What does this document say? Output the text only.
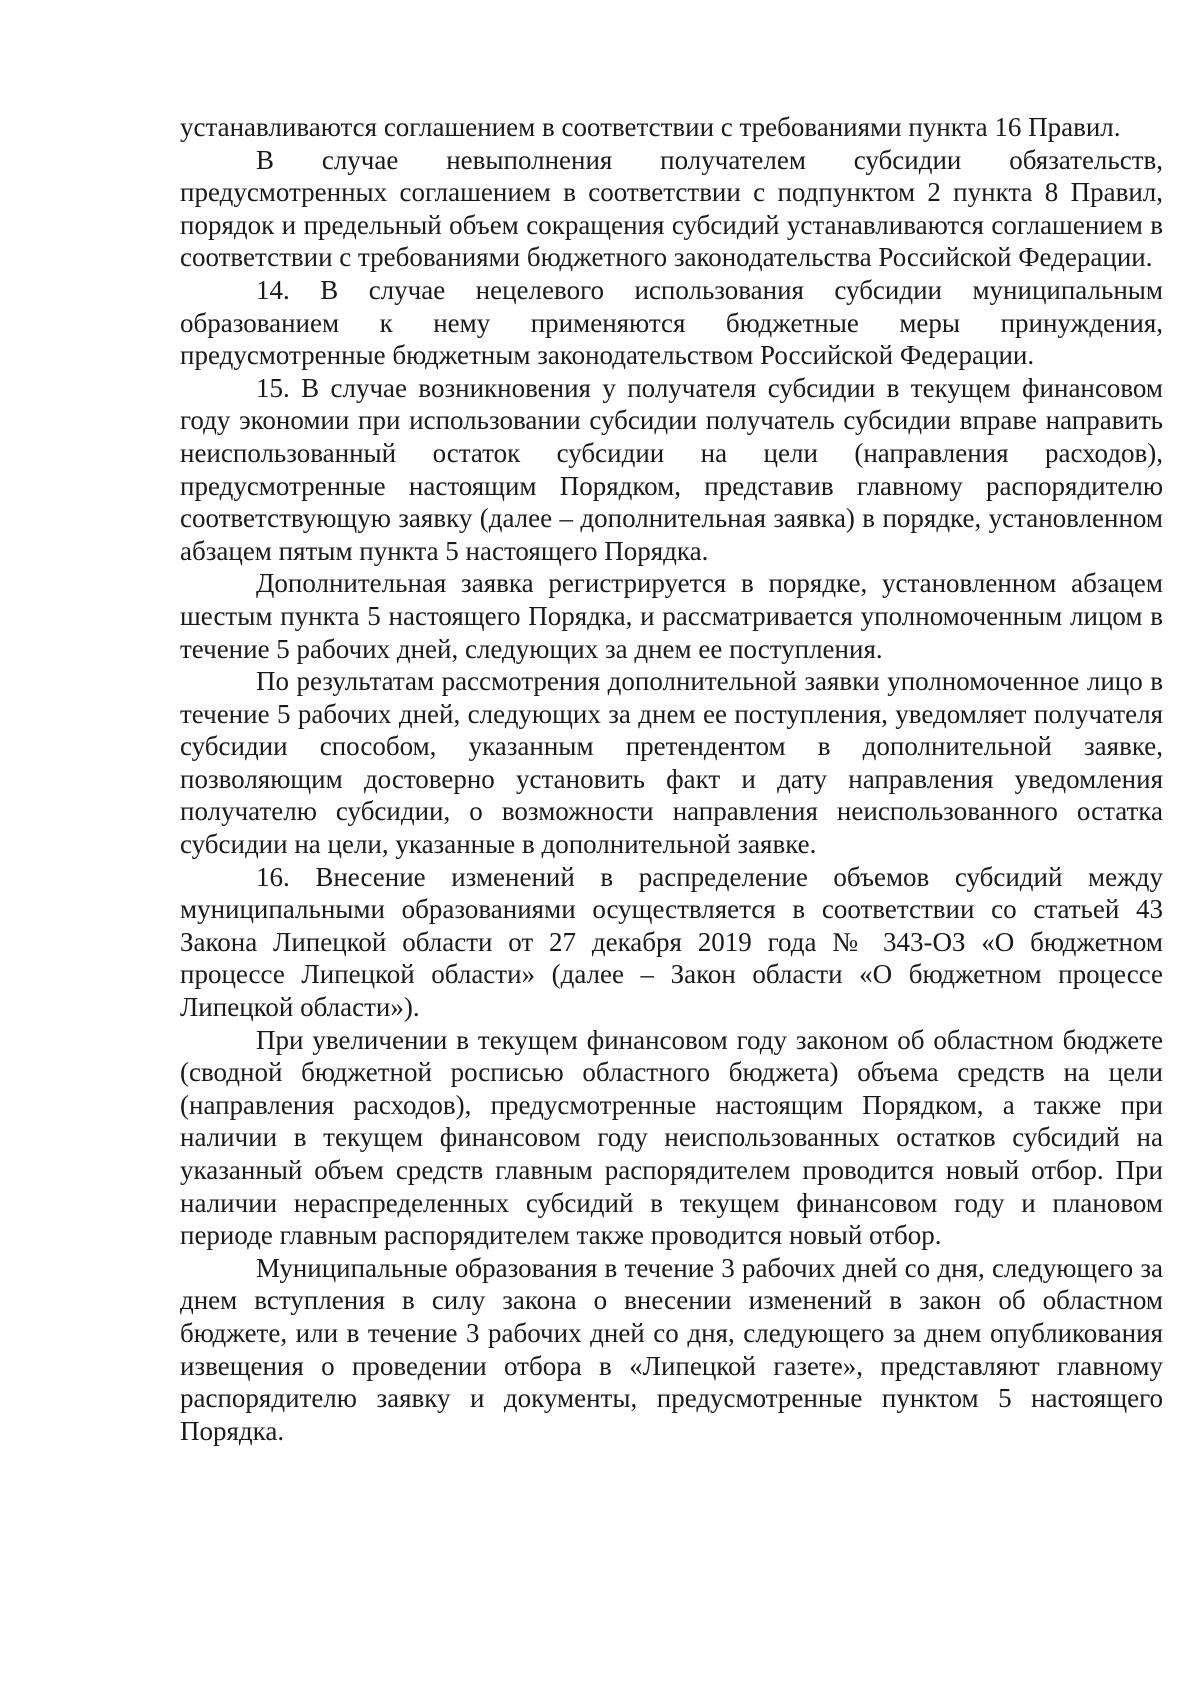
устанавливаются соглашением в соответствии с требованиями пункта 16 Правил.

В случае невыполнения получателем субсидии обязательств, предусмотренных соглашением в соответствии с подпунктом 2 пункта 8 Правил, порядок и предельный объем сокращения субсидий устанавливаются соглашением в соответствии с требованиями бюджетного законодательства Российской Федерации.

14. В случае нецелевого использования субсидии муниципальным образованием к нему применяются бюджетные меры принуждения, предусмотренные бюджетным законодательством Российской Федерации.

15. В случае возникновения у получателя субсидии в текущем финансовом году экономии при использовании субсидии получатель субсидии вправе направить неиспользованный остаток субсидии на цели (направления расходов), предусмотренные настоящим Порядком, представив главному распорядителю соответствующую заявку (далее – дополнительная заявка) в порядке, установленном абзацем пятым пункта 5 настоящего Порядка.

Дополнительная заявка регистрируется в порядке, установленном абзацем шестым пункта 5 настоящего Порядка, и рассматривается уполномоченным лицом в течение 5 рабочих дней, следующих за днем ее поступления.

По результатам рассмотрения дополнительной заявки уполномоченное лицо в течение 5 рабочих дней, следующих за днем ее поступления, уведомляет получателя субсидии способом, указанным претендентом в дополнительной заявке, позволяющим достоверно установить факт и дату направления уведомления получателю субсидии, о возможности направления неиспользованного остатка субсидии на цели, указанные в дополнительной заявке.

16. Внесение изменений в распределение объемов субсидий между муниципальными образованиями осуществляется в соответствии со статьей 43 Закона Липецкой области от 27 декабря 2019 года № 343-ОЗ «О бюджетном процессе Липецкой области» (далее – Закон области «О бюджетном процессе Липецкой области»).

При увеличении в текущем финансовом году законом об областном бюджете (сводной бюджетной росписью областного бюджета) объема средств на цели (направления расходов), предусмотренные настоящим Порядком, а также при наличии в текущем финансовом году неиспользованных остатков субсидий на указанный объем средств главным распорядителем проводится новый отбор. При наличии нераспределенных субсидий в текущем финансовом году и плановом периоде главным распорядителем также проводится новый отбор.

Муниципальные образования в течение 3 рабочих дней со дня, следующего за днем вступления в силу закона о внесении изменений в закон об областном бюджете, или в течение 3 рабочих дней со дня, следующего за днем опубликования извещения о проведении отбора в «Липецкой газете», представляют главному распорядителю заявку и документы, предусмотренные пунктом 5 настоящего Порядка.
